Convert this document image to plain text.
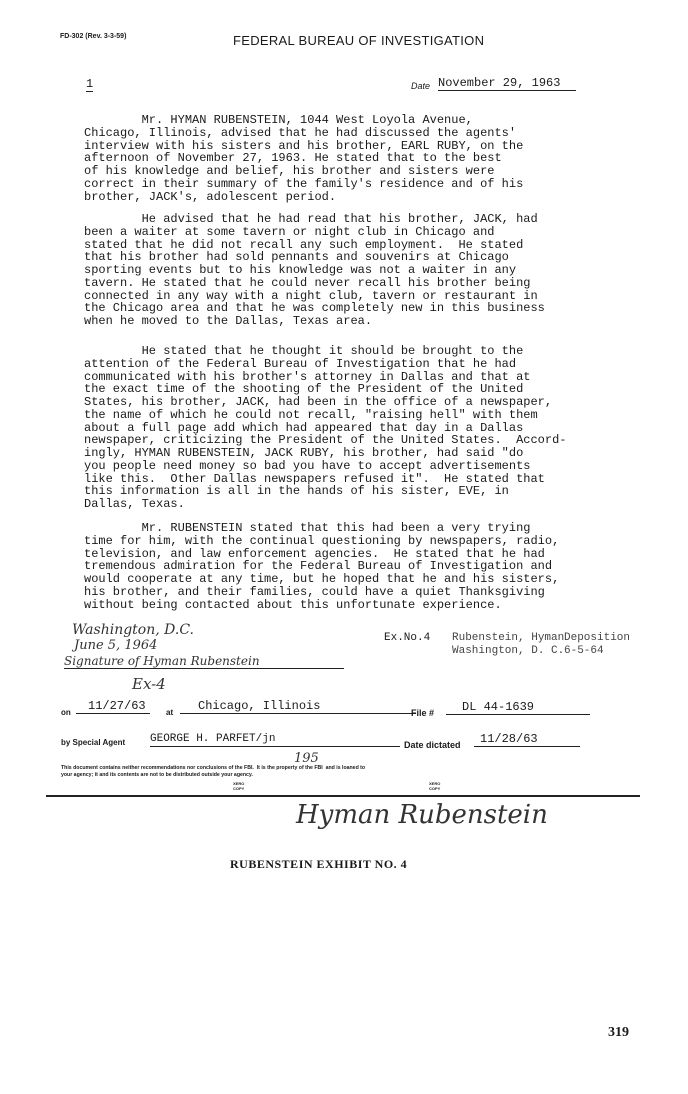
FD-302 (Rev. 3-3-59)	FEDERAL BUREAU OF INVESTIGATION
1	Date November 29, 1963
Mr. HYMAN RUBENSTEIN, 1044 West Loyola Avenue,
Chicago, Illinois, advised that he had discussed the agents'
interview with his sisters and his brother, EARL RUBY, on the
afternoon of November 27, 1963. He stated that to the best
of his knowledge and belief, his brother and sisters were
correct in their summary of the family's residence and of his
brother, JACK's, adolescent period.
He advised that he had read that his brother, JACK, had
been a waiter at some tavern or night club in Chicago and
stated that he did not recall any such employment.  He stated
that his brother had sold pennants and souvenirs at Chicago
sporting events but to his knowledge was not a waiter in any
tavern. He stated that he could never recall his brother being
connected in any way with a night club, tavern or restaurant in
the Chicago area and that he was completely new in this business
when he moved to the Dallas, Texas area.
He stated that he thought it should be brought to the
attention of the Federal Bureau of Investigation that he had
communicated with his brother's attorney in Dallas and that at
the exact time of the shooting of the President of the United
States, his brother, JACK, had been in the office of a newspaper,
the name of which he could not recall, "raising hell" with them
about a full page add which had appeared that day in a Dallas
newspaper, criticizing the President of the United States.  Accord-
ingly, HYMAN RUBENSTEIN, JACK RUBY, his brother, had said "do
you people need money so bad you have to accept advertisements
like this.  Other Dallas newspapers refused it".  He stated that
this information is all in the hands of his sister, EVE, in
Dallas, Texas.
Mr. RUBENSTEIN stated that this had been a very trying
time for him, with the continual questioning by newspapers, radio,
television, and law enforcement agencies.  He stated that he had
tremendous admiration for the Federal Bureau of Investigation and
would cooperate at any time, but he hoped that he and his sisters,
his brother, and their families, could have a quiet Thanksgiving
without being contacted about this unfortunate experience.
Washington, D.C.
June 5, 1964
Signature of Hyman Rubenstein
Ex-4
Ex.No.4 Rubenstein, Hyman
Washington, D. C.
Deposition
6-5-64
on	11/27/63	at	Chicago, Illinois	File #	DL 44-1639
by Special Agent GEORGE H. PARFET/jn	Date dictated	11/28/63
195
This document contains neither recommendations nor conclusions of the FBI.  It is the property of the FBI  and is loaned to
your agency; it and its contents are not to be distributed outside your agency.
XERO COPY
XERO COPY
Hyman Rubenstein
RUBENSTEIN EXHIBIT NO. 4
319
